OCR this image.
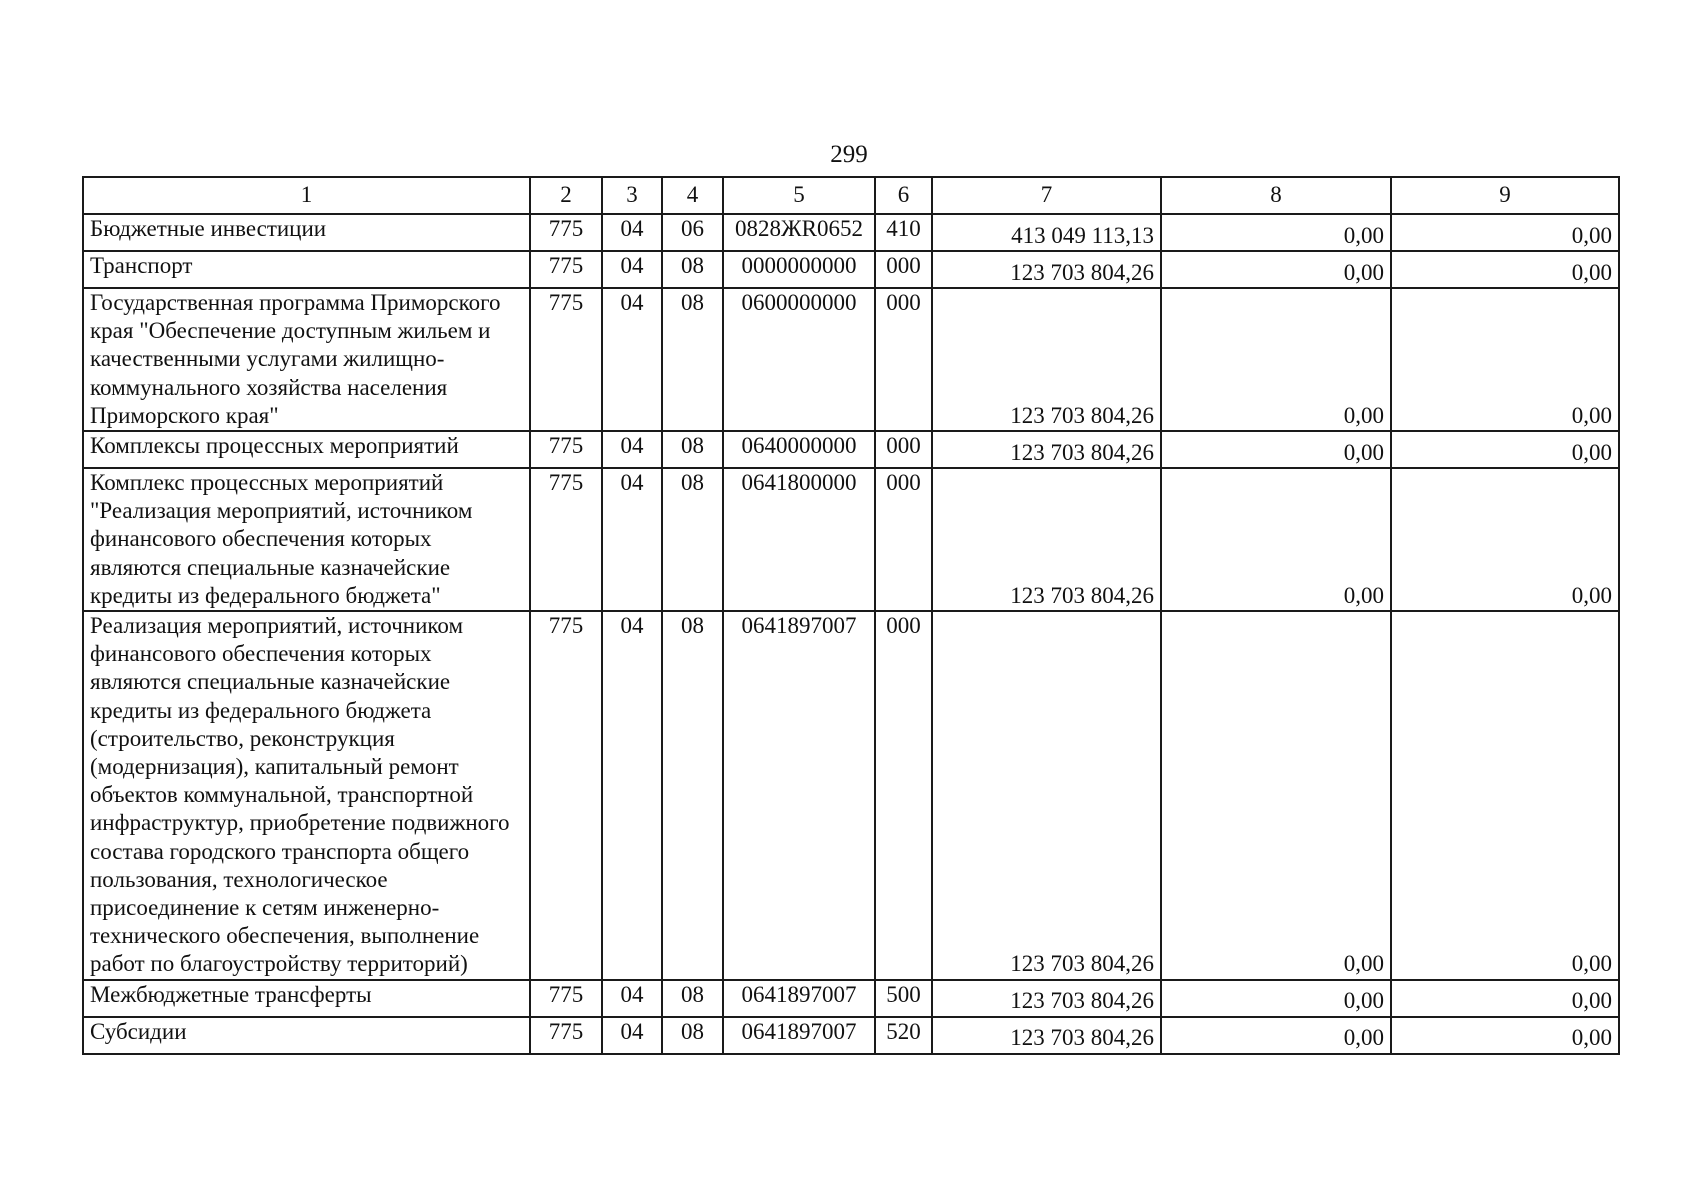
299
1	2	3	4	5	6	7	8	9
Бюджетные инвестиции	775	04	06	0828ЖR0652	410	413 049 113,13	0,00	0,00
Транспорт	775	04	08	0000000000	000	123 703 804,26	0,00	0,00
Государственная программа Приморского края "Обеспечение доступным жильем и качественными услугами жилищно-коммунального хозяйства населения Приморского края"	775	04	08	0600000000	000	123 703 804,26	0,00	0,00
Комплексы процессных мероприятий	775	04	08	0640000000	000	123 703 804,26	0,00	0,00
Комплекс процессных мероприятий "Реализация мероприятий, источником финансового обеспечения которых являются специальные казначейские кредиты из федерального бюджета"	775	04	08	0641800000	000	123 703 804,26	0,00	0,00
Реализация мероприятий, источником финансового обеспечения которых являются специальные казначейские кредиты из федерального бюджета (строительство, реконструкция (модернизация), капитальный ремонт объектов коммунальной, транспортной инфраструктур, приобретение подвижного состава городского транспорта общего пользования, технологическое присоединение к сетям инженерно-технического обеспечения, выполнение работ по благоустройству территорий)	775	04	08	0641897007	000	123 703 804,26	0,00	0,00
Межбюджетные трансферты	775	04	08	0641897007	500	123 703 804,26	0,00	0,00
Субсидии	775	04	08	0641897007	520	123 703 804,26	0,00	0,00
